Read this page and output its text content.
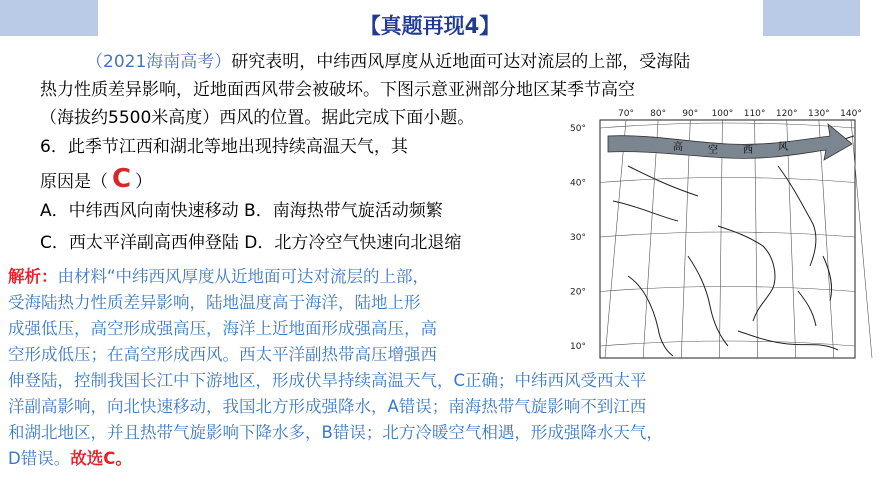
【真题再现4】
（2021海南高考）研究表明，中纬西风厚度从近地面可达对流层的上部，受海陆
热力性质差异影响，近地面西风带会被破坏。下图示意亚洲部分地区某季节高空
（海拔约5500米高度）西风的位置。据此完成下面小题。
6．此季节江西和湖北等地出现持续高温天气，其
原因是（ C ）
A．中纬西风向南快速移动 B．南海热带气旋活动频繁
C．西太平洋副高西伸登陆 D．北方冷空气快速向北退缩
解析：由材料“中纬西风厚度从近地面可达对流层的上部，
受海陆热力性质差异影响，陆地温度高于海洋，陆地上形
成强低压，高空形成强高压，海洋上近地面形成强高压，高
空形成低压；在高空形成西风。西太平洋副热带高压增强西
伸登陆，控制我国长江中下游地区，形成伏旱持续高温天气，C正确；中纬西风受西太平
洋副高影响，向北快速移动，我国北方形成强降水，A错误；南海热带气旋影响不到江西
和湖北地区，并且热带气旋影响下降水多，B错误；北方冷暖空气相遇，形成强降水天气，
D错误。故选C。
70° 80° 90° 100° 110° 120° 130° 140°
50°
40°
30°
20°
10°
高	空	西	风
